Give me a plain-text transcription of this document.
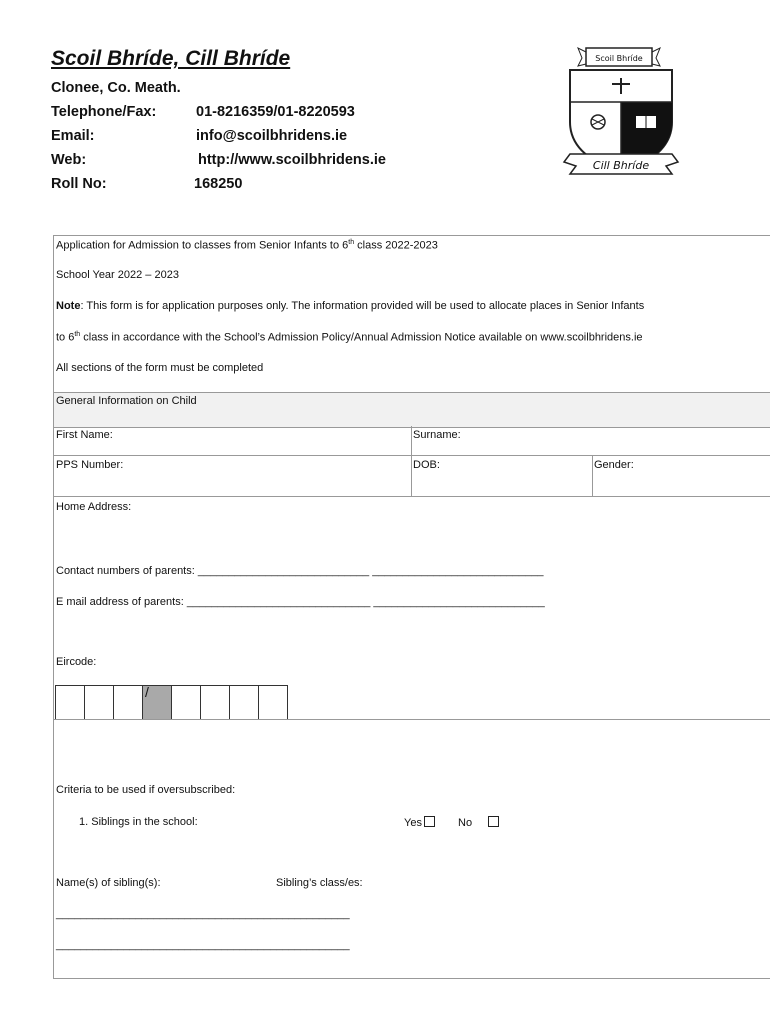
Scoil Bhríde, Cill Bhríde
Clonee, Co. Meath.
Telephone/Fax:	01-8216359/01-8220593
Email:	info@scoilbhridens.ie
Web:	http://www.scoilbhridens.ie
Roll No:	168250
Scoil Bhríde
Cill Bhríde
Application for Admission to classes from Senior Infants to 6th class 2022-2023
School Year 2022 – 2023
Note: This form is for application purposes only. The information provided will be used to allocate places in Senior Infants
to 6th class in accordance with the School’s Admission Policy/Annual Admission Notice available on www.scoilbhridens.ie
All sections of the form must be completed
General Information on Child
First Name:	Surname:
PPS Number:	DOB:	Gender:
Home Address:
Contact numbers of parents: ____________________________ ____________________________
E mail address of parents: ______________________________ ____________________________
Eircode:
/
Criteria to be used if oversubscribed:
1. Siblings in the school:	Yes	No
Name(s) of sibling(s):	Sibling’s class/es:
________________________________________________
________________________________________________
